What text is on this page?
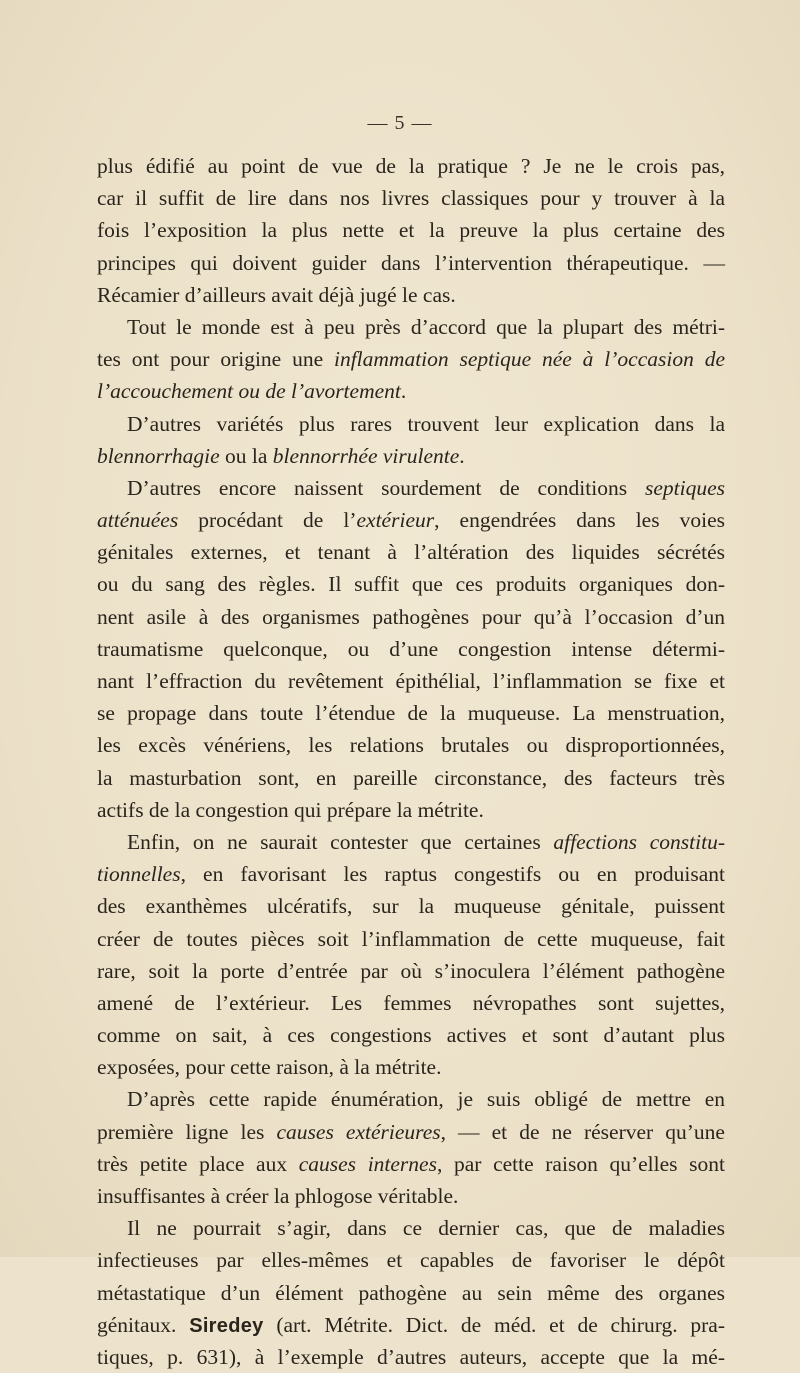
— 5 —
plus édifié au point de vue de la pratique ? Je ne le crois pas,
car il suffit de lire dans nos livres classiques pour y trouver à la
fois l’exposition la plus nette et la preuve la plus certaine des
principes qui doivent guider dans l’intervention thérapeutique. —
Récamier d’ailleurs avait déjà jugé le cas.
Tout le monde est à peu près d’accord que la plupart des métri-
tes ont pour origine une inflammation septique née à l’occasion de
l’accouchement ou de l’avortement.
D’autres variétés plus rares trouvent leur explication dans la
blennorrhagie ou la blennorrhée virulente.
D’autres encore naissent sourdement de conditions septiques
atténuées procédant de l’extérieur, engendrées dans les voies
génitales externes, et tenant à l’altération des liquides sécrétés
ou du sang des règles. Il suffit que ces produits organiques don-
nent asile à des organismes pathogènes pour qu’à l’occasion d’un
traumatisme quelconque, ou d’une congestion intense détermi-
nant l’effraction du revêtement épithélial, l’inflammation se fixe et
se propage dans toute l’étendue de la muqueuse. La menstruation,
les excès vénériens, les relations brutales ou disproportionnées,
la masturbation sont, en pareille circonstance, des facteurs très
actifs de la congestion qui prépare la métrite.
Enfin, on ne saurait contester que certaines affections constitu-
tionnelles, en favorisant les raptus congestifs ou en produisant
des exanthèmes ulcératifs, sur la muqueuse génitale, puissent
créer de toutes pièces soit l’inflammation de cette muqueuse, fait
rare, soit la porte d’entrée par où s’inoculera l’élément pathogène
amené de l’extérieur. Les femmes névropathes sont sujettes,
comme on sait, à ces congestions actives et sont d’autant plus
exposées, pour cette raison, à la métrite.
D’après cette rapide énumération, je suis obligé de mettre en
première ligne les causes extérieures, — et de ne réserver qu’une
très petite place aux causes internes, par cette raison qu’elles sont
insuffisantes à créer la phlogose véritable.
Il ne pourrait s’agir, dans ce dernier cas, que de maladies
infectieuses par elles-mêmes et capables de favoriser le dépôt
métastatique d’un élément pathogène au sein même des organes
génitaux. Siredey (art. Métrite. Dict. de méd. et de chirurg. pra-
tiques, p. 631), à l’exemple d’autres auteurs, accepte que la mé-
